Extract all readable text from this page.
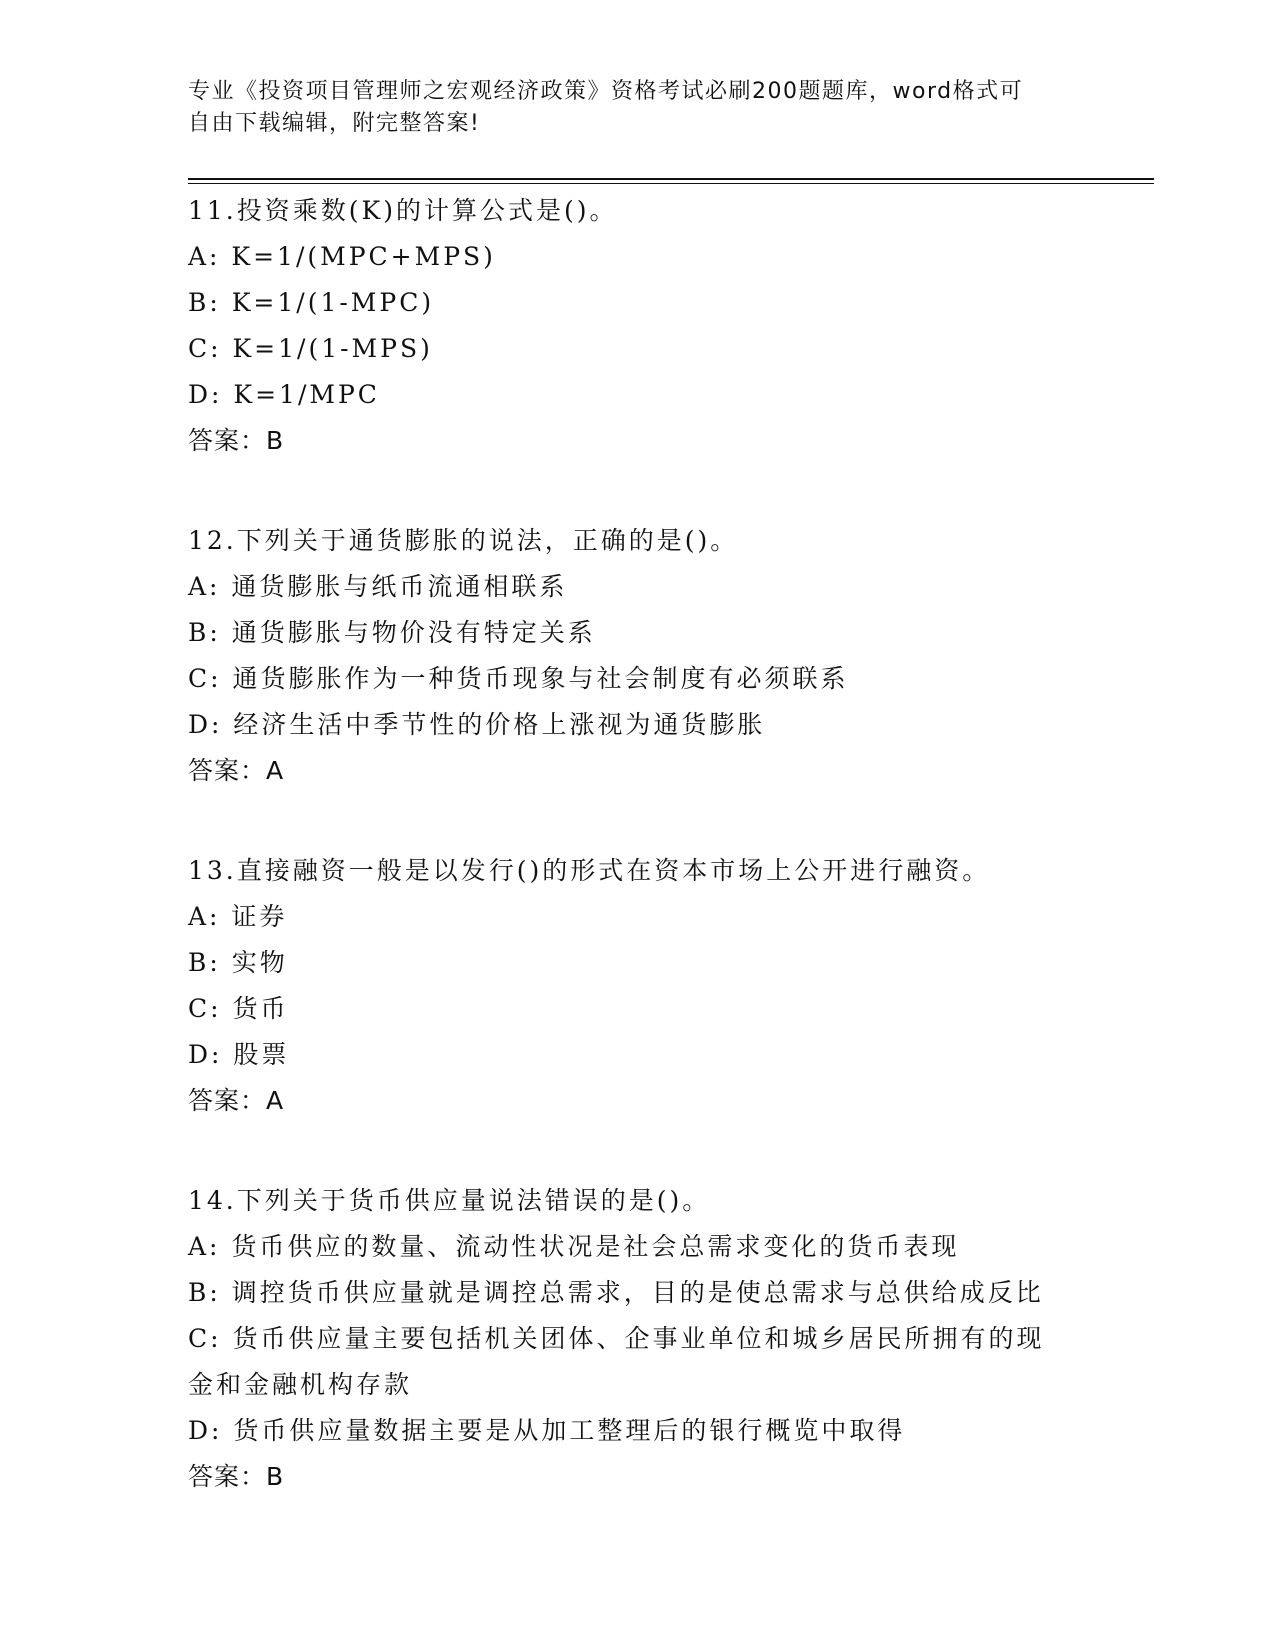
专业《投资项目管理师之宏观经济政策》资格考试必刷200题题库，word格式可
自由下载编辑，附完整答案!
11.投资乘数(K)的计算公式是()。
A: K=1/(MPC+MPS)
B: K=1/(1-MPC)
C: K=1/(1-MPS)
D: K=1/MPC
答案：B
12.下列关于通货膨胀的说法，正确的是()。
A: 通货膨胀与纸币流通相联系
B: 通货膨胀与物价没有特定关系
C: 通货膨胀作为一种货币现象与社会制度有必须联系
D: 经济生活中季节性的价格上涨视为通货膨胀
答案：A
13.直接融资一般是以发行()的形式在资本市场上公开进行融资。
A: 证券
B: 实物
C: 货币
D: 股票
答案：A
14.下列关于货币供应量说法错误的是()。
A: 货币供应的数量、流动性状况是社会总需求变化的货币表现
B: 调控货币供应量就是调控总需求，目的是使总需求与总供给成反比
C: 货币供应量主要包括机关团体、企事业单位和城乡居民所拥有的现
金和金融机构存款
D: 货币供应量数据主要是从加工整理后的银行概览中取得
答案：B
